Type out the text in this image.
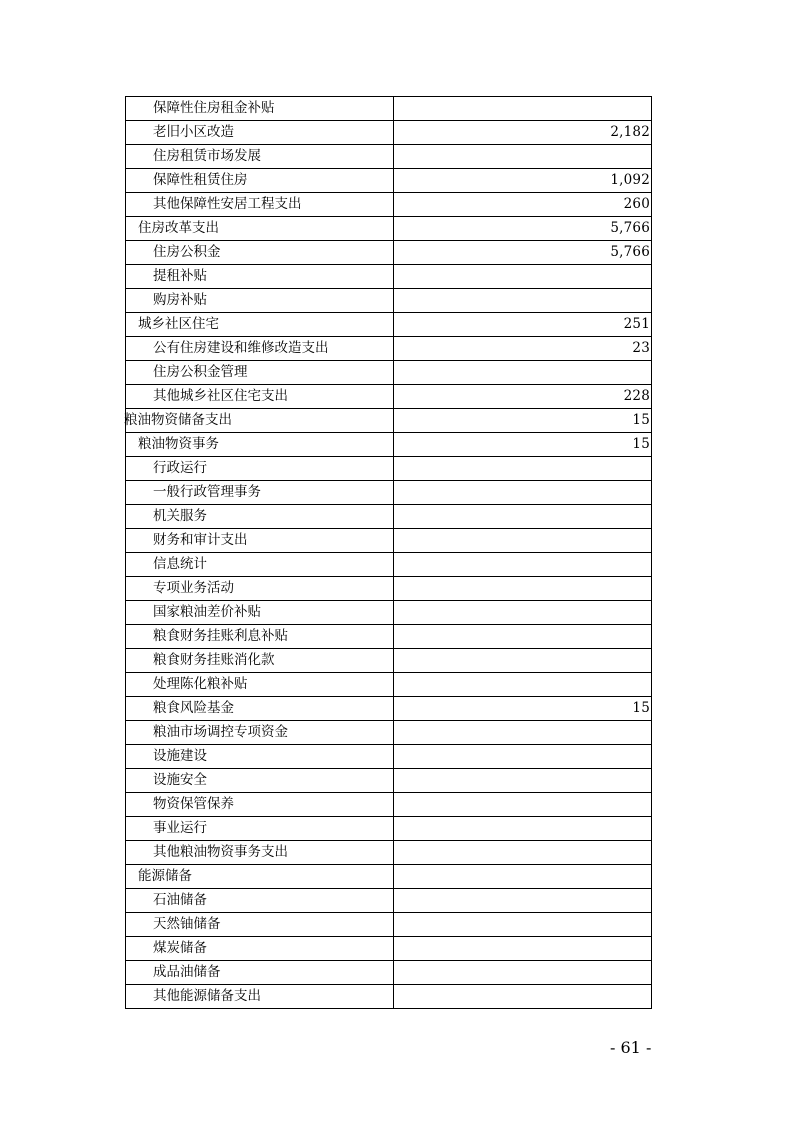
保障性住房租金补贴	
老旧小区改造	2,182
住房租赁市场发展	
保障性租赁住房	1,092
其他保障性安居工程支出	260
住房改革支出	5,766
住房公积金	5,766
提租补贴	
购房补贴	
城乡社区住宅	251
公有住房建设和维修改造支出	23
住房公积金管理	
其他城乡社区住宅支出	228
粮油物资储备支出	15
粮油物资事务	15
行政运行	
一般行政管理事务	
机关服务	
财务和审计支出	
信息统计	
专项业务活动	
国家粮油差价补贴	
粮食财务挂账利息补贴	
粮食财务挂账消化款	
处理陈化粮补贴	
粮食风险基金	15
粮油市场调控专项资金	
设施建设	
设施安全	
物资保管保养	
事业运行	
其他粮油物资事务支出	
能源储备	
石油储备	
天然铀储备	
煤炭储备	
成品油储备	
其他能源储备支出	
- 61 -
